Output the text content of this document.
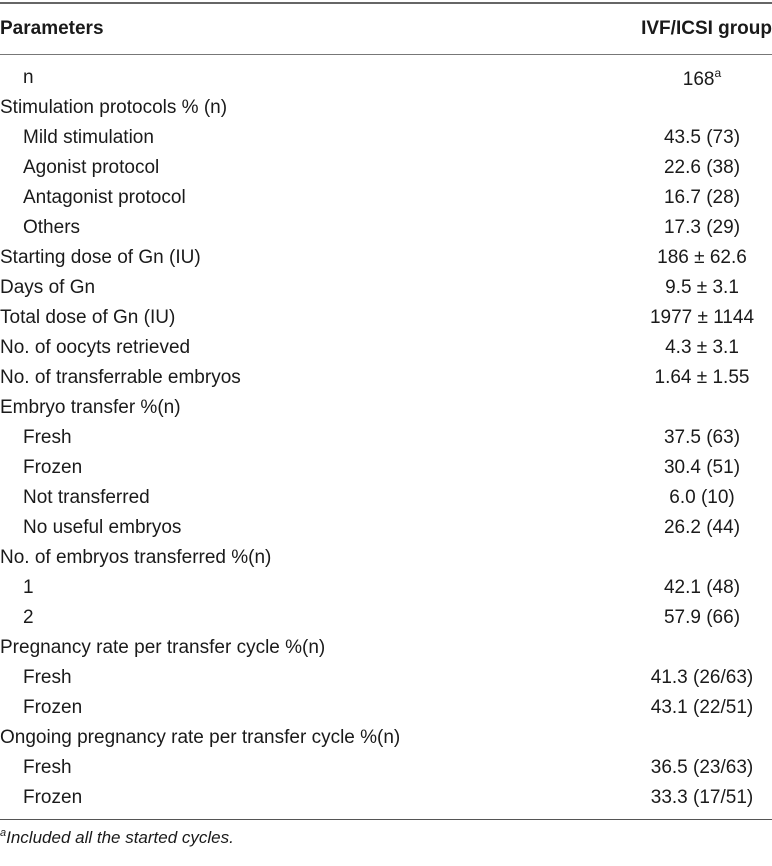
Parameters	IVF/ICSI group
n	168$^a$
Stimulation protocols % (n)
Mild stimulation	43.5 (73)
Agonist protocol	22.6 (38)
Antagonist protocol	16.7 (28)
Others	17.3 (29)
Starting dose of Gn (IU)	186 ± 62.6
Days of Gn	9.5 ± 3.1
Total dose of Gn (IU)	1977 ± 1144
No. of oocyts retrieved	4.3 ± 3.1
No. of transferrable embryos	1.64 ± 1.55
Embryo transfer %(n)
Fresh	37.5 (63)
Frozen	30.4 (51)
Not transferred	6.0 (10)
No useful embryos	26.2 (44)
No. of embryos transferred %(n)
1	42.1 (48)
2	57.9 (66)
Pregnancy rate per transfer cycle %(n)
Fresh	41.3 (26/63)
Frozen	43.1 (22/51)
Ongoing pregnancy rate per transfer cycle %(n)
Fresh	36.5 (23/63)
Frozen	33.3 (17/51)
$^a$Included all the started cycles.
